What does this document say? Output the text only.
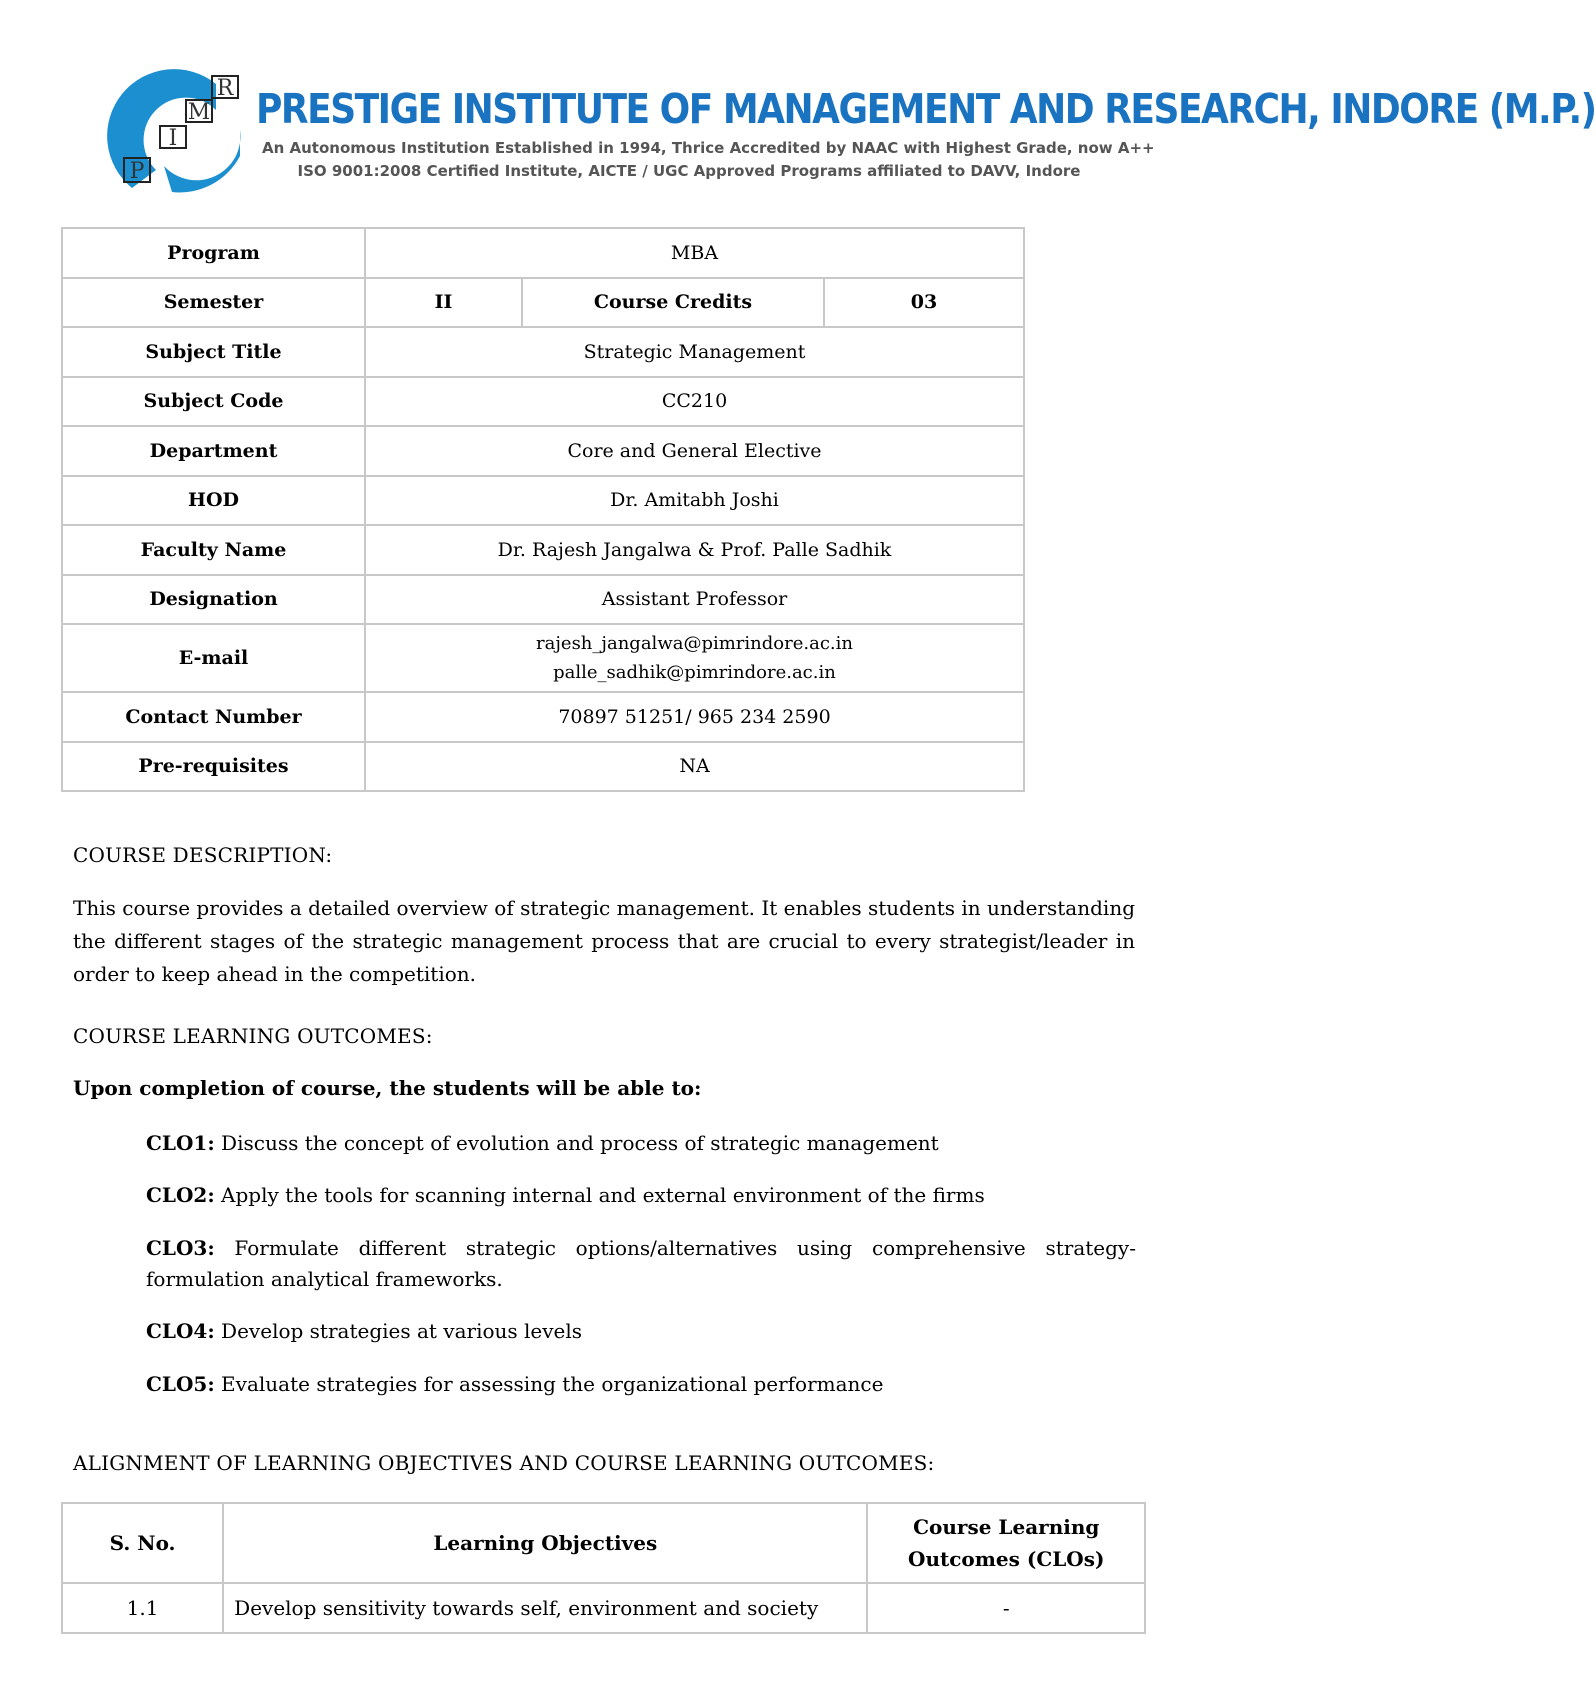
R
M
I
P
PRESTIGE INSTITUTE OF MANAGEMENT AND RESEARCH, INDORE (M.P.)
An Autonomous Institution Established in 1994, Thrice Accredited by NAAC with Highest Grade, now A++
ISO 9001:2008 Certified Institute, AICTE / UGC Approved Programs affiliated to DAVV, Indore
Program	MBA		
Semester	II	Course Credits	03
Subject Title	Strategic Management		
Subject Code	CC210		
Department	Core and General Elective		
HOD	Dr. Amitabh Joshi		
Faculty Name	Dr. Rajesh Jangalwa & Prof. Palle Sadhik		
Designation	Assistant Professor		
E-mail	rajesh_jangalwa@pimrindore.ac.in
palle_sadhik@pimrindore.ac.in		

Contact Number	70897 51251/ 965 234 2590		
Pre-requisites	NA		
COURSE DESCRIPTION:
This course provides a detailed overview of strategic management. It enables students in understanding the different stages of the strategic management process that are crucial to every strategist/leader in order to keep ahead in the competition.
COURSE LEARNING OUTCOMES:
Upon completion of course, the students will be able to:
CLO1: Discuss the concept of evolution and process of strategic management
CLO2: Apply the tools for scanning internal and external environment of the firms
CLO3: Formulate different strategic options/alternatives using comprehensive strategy-formulation analytical frameworks.
CLO4: Develop strategies at various levels
CLO5: Evaluate strategies for assessing the organizational performance
ALIGNMENT OF LEARNING OBJECTIVES AND COURSE LEARNING OUTCOMES:
S. No.	Learning Objectives	Course Learning
Outcomes (CLOs)

1.1	Develop sensitivity towards self, environment and society	-
